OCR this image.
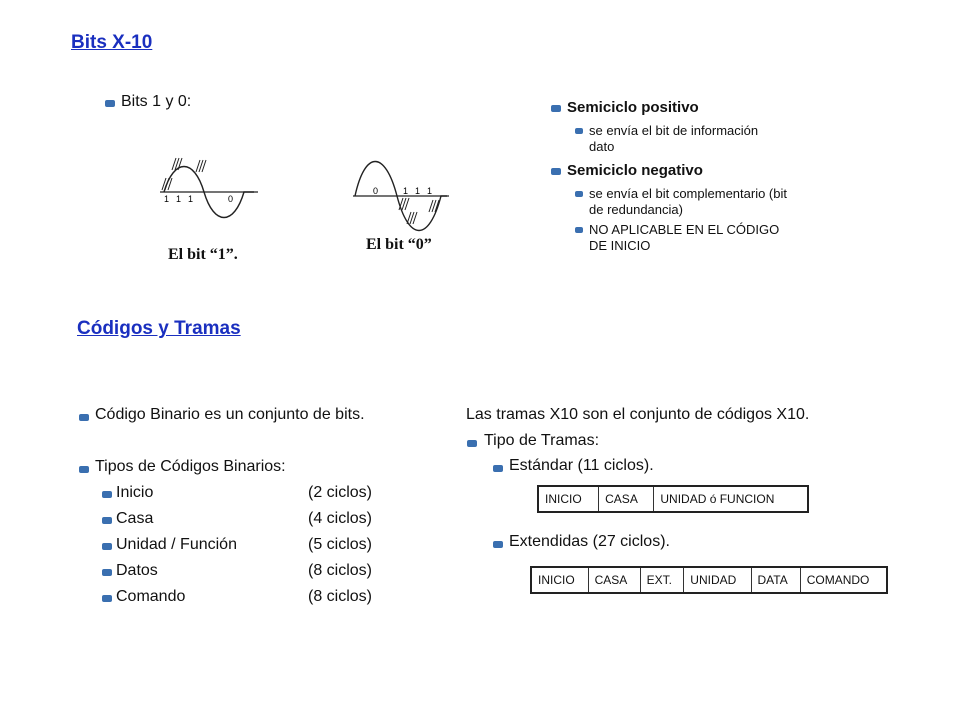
Bits X-10
Bits 1 y 0:
1 1 1	0
El bit “1”.
0	1 1 1
El bit “0”
Semiciclo positivo
se envía el bit de información
dato
Semiciclo negativo
se envía el bit complementario (bit
de redundancia)
NO APLICABLE EN EL CÓDIGO
DE INICIO
Códigos y Tramas
Código Binario es un conjunto de bits.
Tipos de Códigos Binarios:
Inicio	(2 ciclos)
Casa	(4 ciclos)
Unidad / Función	(5 ciclos)
Datos	(8 ciclos)
Comando	(8 ciclos)
Las tramas X10 son el conjunto de códigos X10.
Tipo de Tramas:
Estándar (11 ciclos).
INICIO	CASA	UNIDAD ó FUNCION
Extendidas (27 ciclos).
INICIO	CASA	EXT.	UNIDAD	DATA	COMANDO
